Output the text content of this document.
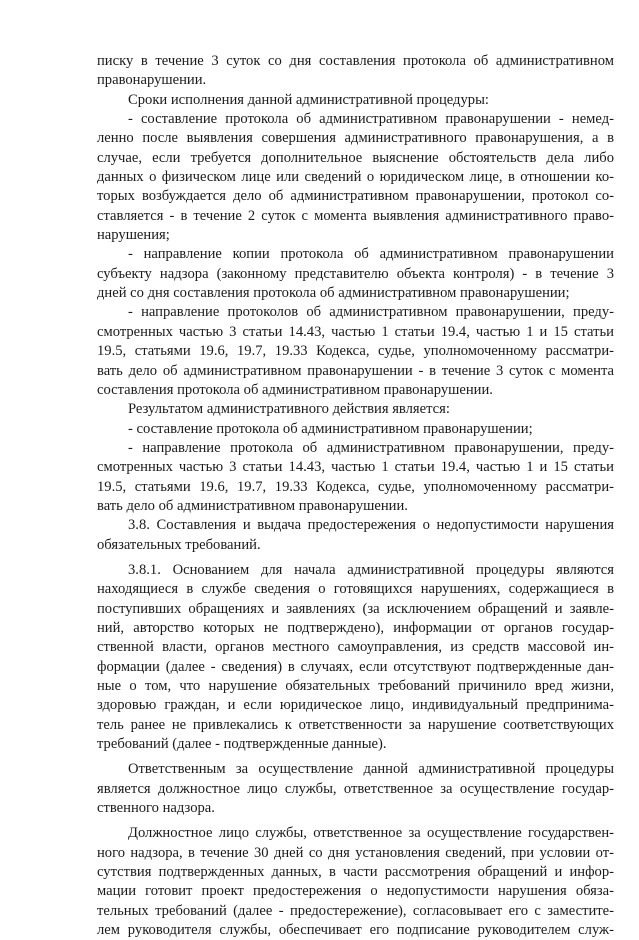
писку в течение 3 суток со дня составления протокола об административном

правонарушении.

Сроки исполнения данной административной процедуры:

- составление протокола об административном правонарушении - немед-

ленно после выявления совершения административного правонарушения, а в

случае, если требуется дополнительное выяснение обстоятельств дела либо

данных о физическом лице или сведений о юридическом лице, в отношении ко-

торых возбуждается дело об административном правонарушении, протокол со-

ставляется - в течение 2 суток с момента выявления административного право-

нарушения;

- направление копии протокола об административном правонарушении

субъекту надзора (законному представителю объекта контроля) - в течение 3

дней со дня составления протокола об административном правонарушении;

- направление протоколов об административном правонарушении, преду-

смотренных частью 3 статьи 14.43, частью 1 статьи 19.4, частью 1 и 15 статьи

19.5, статьями 19.6, 19.7, 19.33 Кодекса, судье, уполномоченному рассматри-

вать дело об административном правонарушении - в течение 3 суток с момента

составления протокола об административном правонарушении.

Результатом административного действия является:

- составление протокола об административном правонарушении;

- направление протокола об административном правонарушении, преду-

смотренных частью 3 статьи 14.43, частью 1 статьи 19.4, частью 1 и 15 статьи

19.5, статьями 19.6, 19.7, 19.33 Кодекса, судье, уполномоченному рассматри-

вать дело об административном правонарушении.

3.8. Составления и выдача предостережения о недопустимости нарушения

обязательных требований.

3.8.1. Основанием для начала административной процедуры являются

находящиеся в службе сведения о готовящихся нарушениях, содержащиеся в

поступивших обращениях и заявлениях (за исключением обращений и заявле-

ний, авторство которых не подтверждено), информации от органов государ-

ственной власти, органов местного самоуправления, из средств массовой ин-

формации (далее - сведения) в случаях, если отсутствуют подтвержденные дан-

ные о том, что нарушение обязательных требований причинило вред жизни,

здоровью граждан, и если юридическое лицо, индивидуальный предпринима-

тель ранее не привлекались к ответственности за нарушение соответствующих

требований (далее - подтвержденные данные).

Ответственным за осуществление данной административной процедуры

является должностное лицо службы, ответственное за осуществление государ-

ственного надзора.

Должностное лицо службы, ответственное за осуществление государствен-

ного надзора, в течение 30 дней со дня установления сведений, при условии от-

сутствия подтвержденных данных, в части рассмотрения обращений и инфор-

мации готовит проект предостережения о недопустимости нарушения обяза-

тельных требований (далее - предостережение), согласовывает его с заместите-

лем руководителя службы, обеспечивает его подписание руководителем служ-
